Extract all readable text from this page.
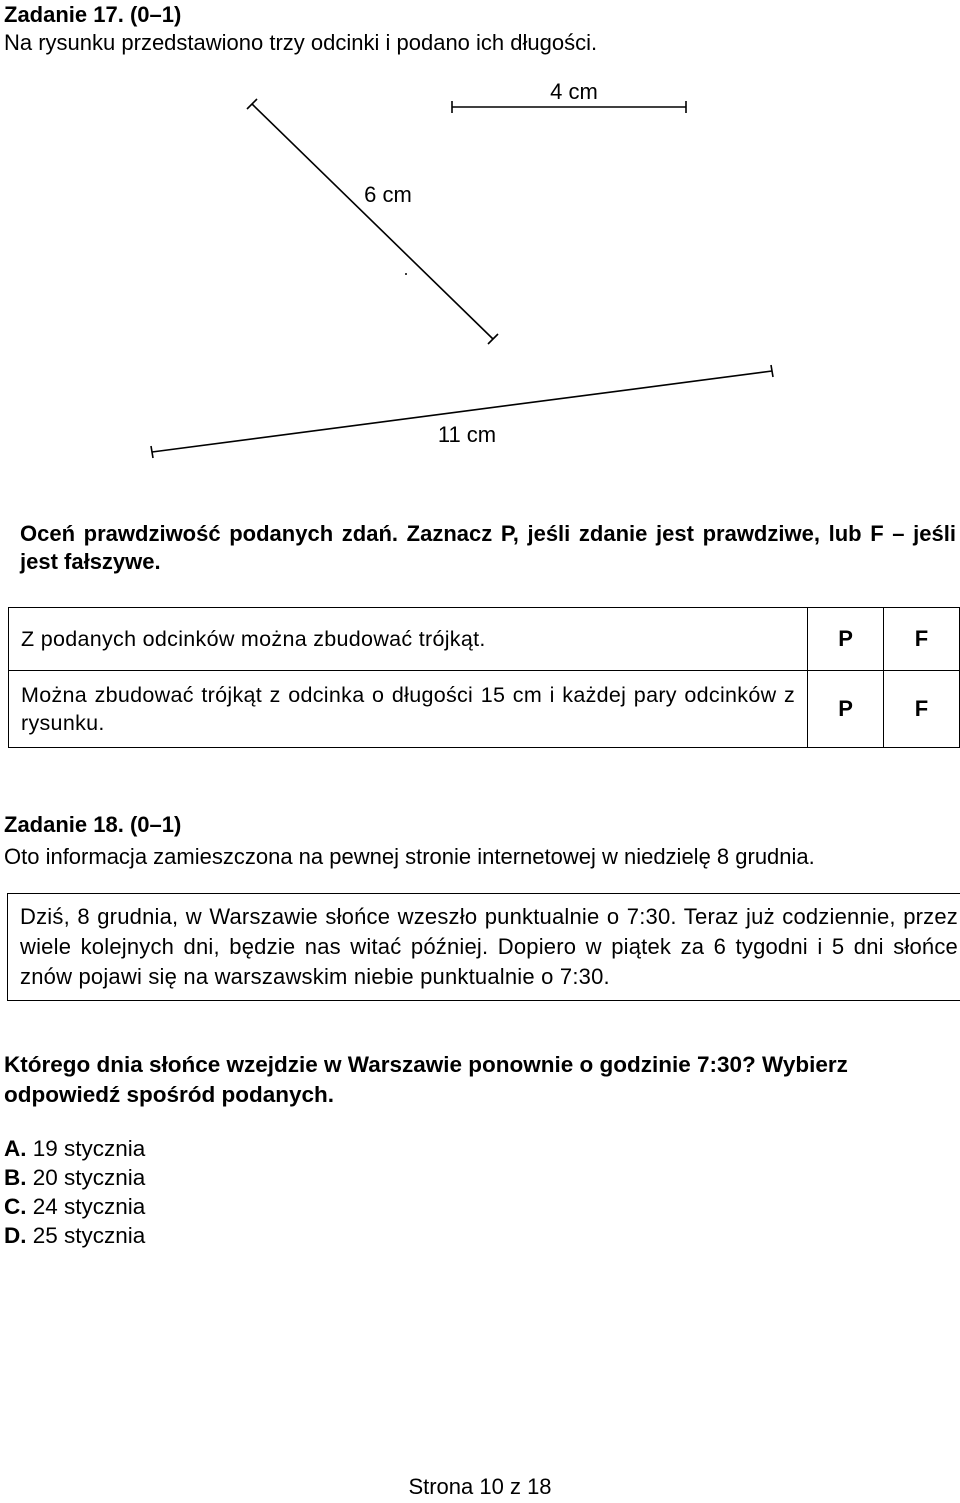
Zadanie 17. (0–1)
Na rysunku przedstawiono trzy odcinki i podano ich długości.
4 cm
6 cm
11 cm
Oceń prawdziwość podanych zdań. Zaznacz P, jeśli zdanie jest prawdziwe, lub F – jeśli jest fałszywe.
Z podanych odcinków można zbudować trójkąt.	P	F
Można zbudować trójkąt z odcinka o długości 15 cm i każdej pary odcinków z rysunku.	P	F
Zadanie 18. (0–1)
Oto informacja zamieszczona na pewnej stronie internetowej w niedzielę 8 grudnia.
Dziś, 8 grudnia, w Warszawie słońce wzeszło punktualnie o 7:30. Teraz już codziennie, przez wiele kolejnych dni, będzie nas witać później. Dopiero w piątek za 6 tygodni i 5 dni słońce znów pojawi się na warszawskim niebie punktualnie o 7:30.
Którego dnia słońce wzejdzie w Warszawie ponownie o godzinie 7:30? Wybierz odpowiedź spośród podanych.
A. 19 stycznia
B. 20 stycznia
C. 24 stycznia
D. 25 stycznia
Strona 10 z 18
